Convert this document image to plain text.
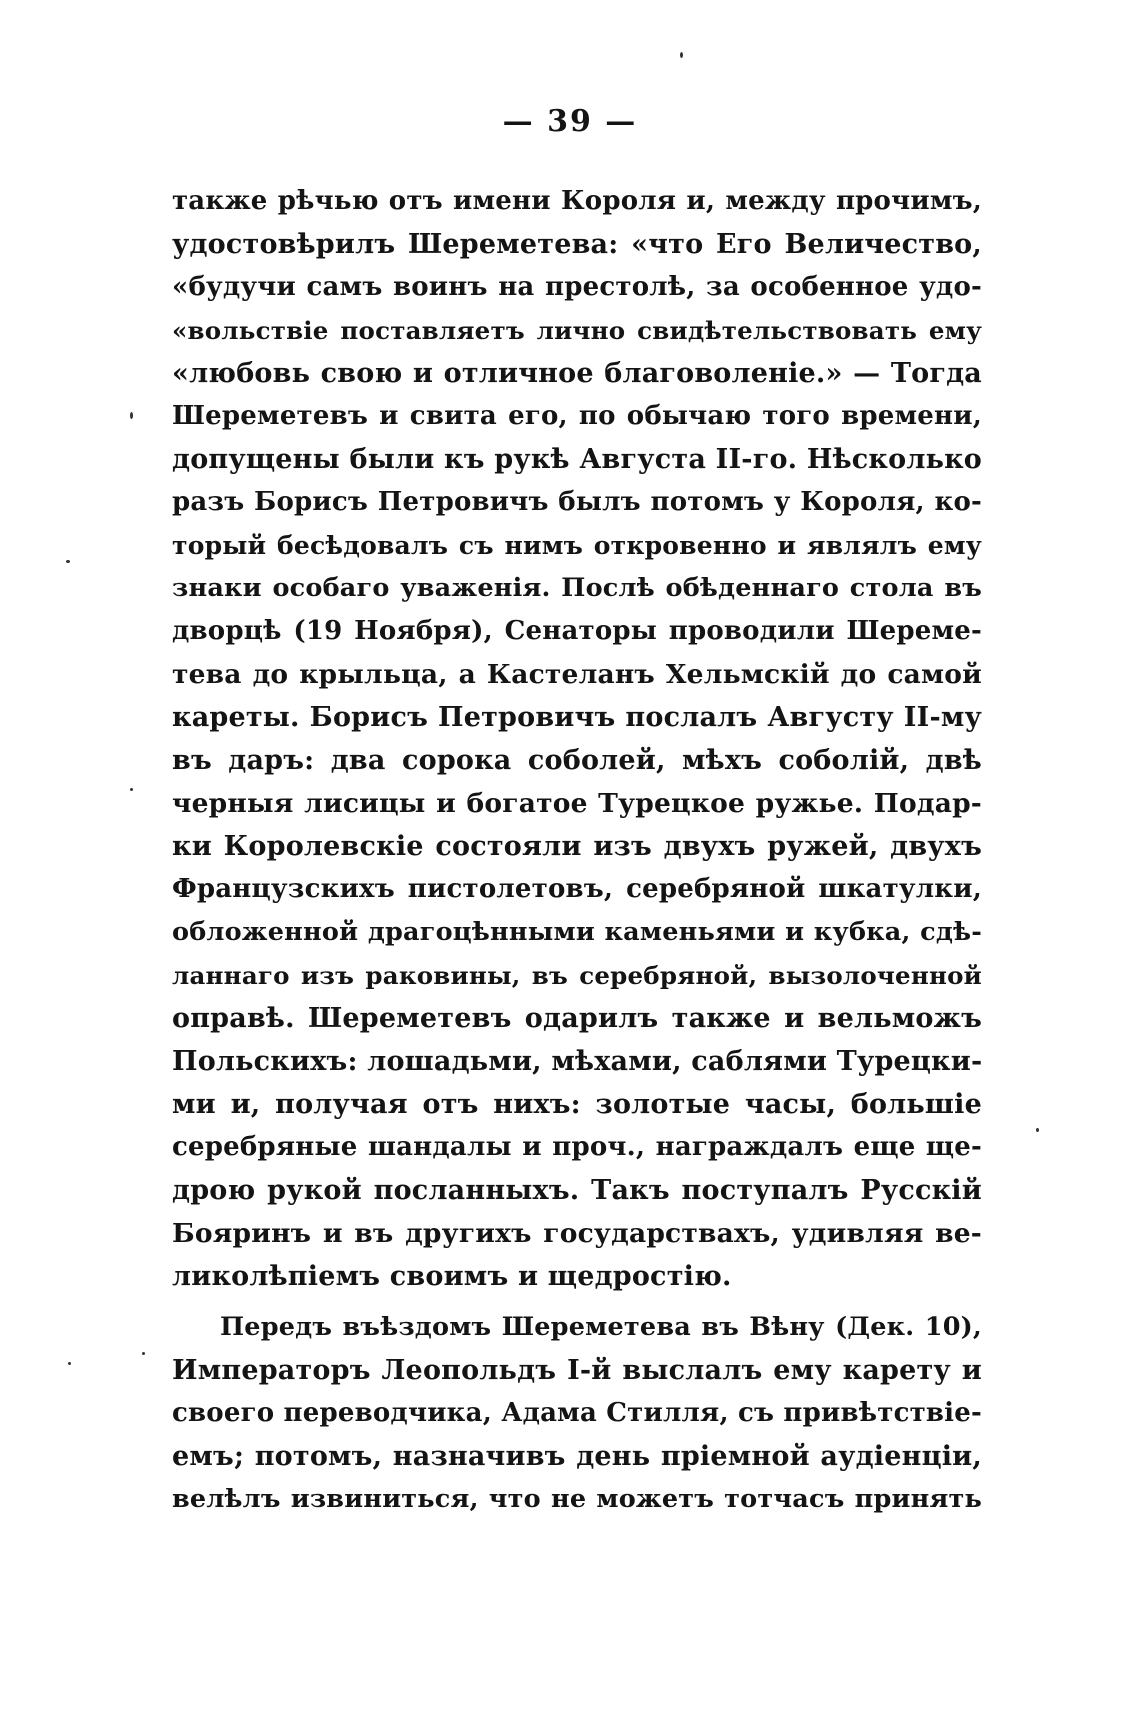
— 39 —
также рѣчью отъ имени Короля и, между прочимъ,
удостовѣрилъ Шереметева: «что Его Величество,
«будучи самъ воинъ на престолѣ, за особенное удо-
«вольствіе поставляетъ лично свидѣтельствовать ему
«любовь свою и отличное благоволеніе.» — Тогда
Шереметевъ и свита его, по обычаю того времени,
допущены были къ рукѣ Августа II-го. Нѣсколько
разъ Борисъ Петровичъ былъ потомъ у Короля, ко-
торый бесѣдовалъ съ нимъ откровенно и являлъ ему
знаки особаго уваженія. Послѣ обѣденнаго стола въ
дворцѣ (19 Ноября), Сенаторы проводили Шереме-
тева до крыльца, а Кастеланъ Хельмскій до самой
кареты. Борисъ Петровичъ послалъ Августу II-му
въ даръ: два сорока соболей, мѣхъ соболій, двѣ
черныя лисицы и богатое Турецкое ружье. Подар-
ки Королевскіе состояли изъ двухъ ружей, двухъ
Французскихъ пистолетовъ, серебряной шкатулки,
обложенной драгоцѣнными каменьями и кубка, сдѣ-
ланнаго изъ раковины, въ серебряной, вызолоченной
оправѣ. Шереметевъ одарилъ также и вельможъ
Польскихъ: лошадьми, мѣхами, саблями Турецки-
ми и, получая отъ нихъ: золотые часы, большіе
серебряные шандалы и проч., награждалъ еще ще-
дрою рукой посланныхъ. Такъ поступалъ Русскій
Бояринъ и въ другихъ государствахъ, удивляя ве-
ликолѣпіемъ своимъ и щедростію.
Передъ въѣздомъ Шереметева въ Вѣну (Дек. 10),
Императоръ Леопольдъ I-й выслалъ ему карету и
своего переводчика, Адама Стилля, съ привѣтствіе-
емъ; потомъ, назначивъ день пріемной аудіенціи,
велѣлъ извиниться, что не можетъ тотчасъ принять
